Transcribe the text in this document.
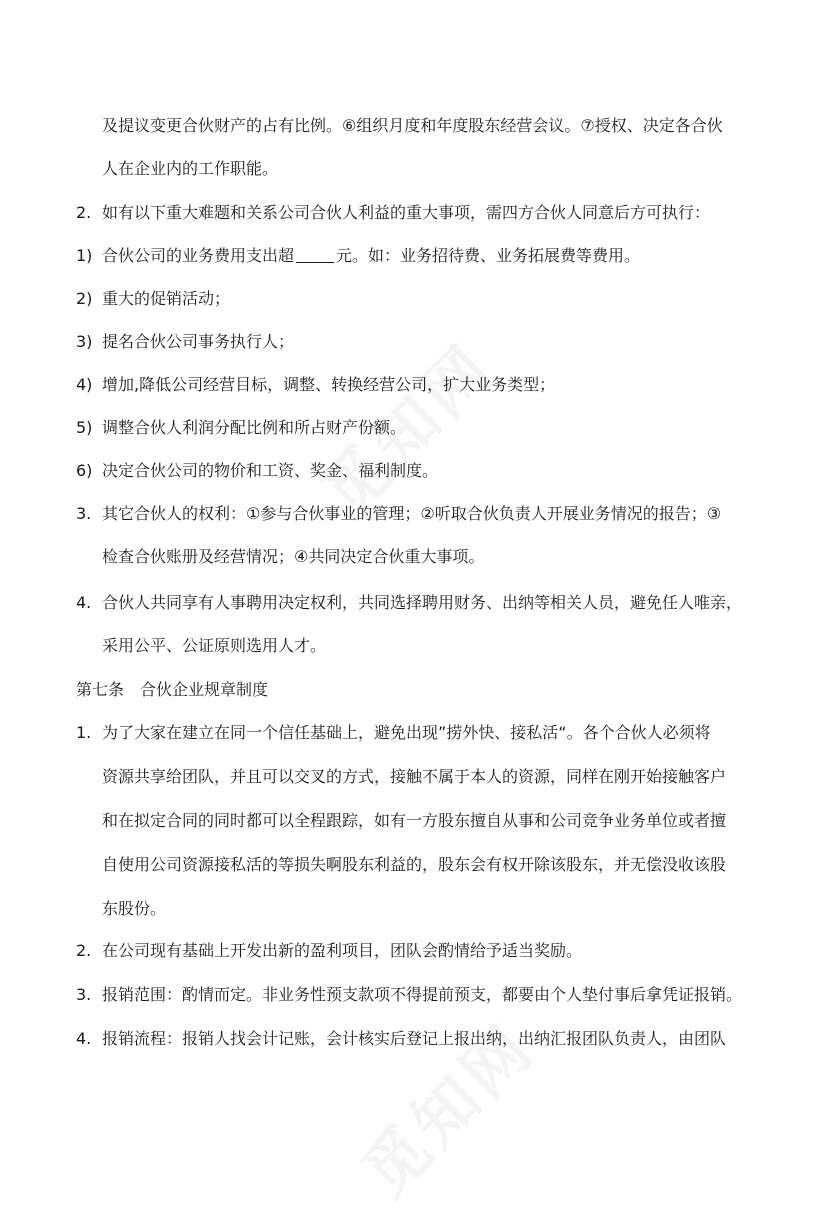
及提议变更合伙财产的占有比例。⑥组织月度和年度股东经营会议。⑦授权、决定各合伙
人在企业内的工作职能。
2. 如有以下重大难题和关系公司合伙人利益的重大事项，需四方合伙人同意后方可执行：
1) 合伙公司的业务费用支出超	元。如：业务招待费、业务拓展费等费用。
2) 重大的促销活动；
3) 提名合伙公司事务执行人；
4) 增加,降低公司经营目标，调整、转换经营公司，扩大业务类型；
5) 调整合伙人利润分配比例和所占财产份额。
6) 决定合伙公司的物价和工资、奖金、福利制度。
3. 其它合伙人的权利：①参与合伙事业的管理；②听取合伙负责人开展业务情况的报告；③
检查合伙账册及经营情况；④共同决定合伙重大事项。
4. 合伙人共同享有人事聘用决定权利，共同选择聘用财务、出纳等相关人员，避免任人唯亲，
采用公平、公证原则选用人才。
第七条　合伙企业规章制度
1. 为了大家在建立在同一个信任基础上，避免出现”捞外快、接私活“。各个合伙人必须将
资源共享给团队，并且可以交叉的方式，接触不属于本人的资源，同样在刚开始接触客户
和在拟定合同的同时都可以全程跟踪，如有一方股东擅自从事和公司竞争业务单位或者擅
自使用公司资源接私活的等损失啊股东利益的，股东会有权开除该股东，并无偿没收该股
东股份。
2. 在公司现有基础上开发出新的盈利项目，团队会酌情给予适当奖励。
3. 报销范围：酌情而定。非业务性预支款项不得提前预支，都要由个人垫付事后拿凭证报销。
4. 报销流程：报销人找会计记账，会计核实后登记上报出纳，出纳汇报团队负责人，由团队
